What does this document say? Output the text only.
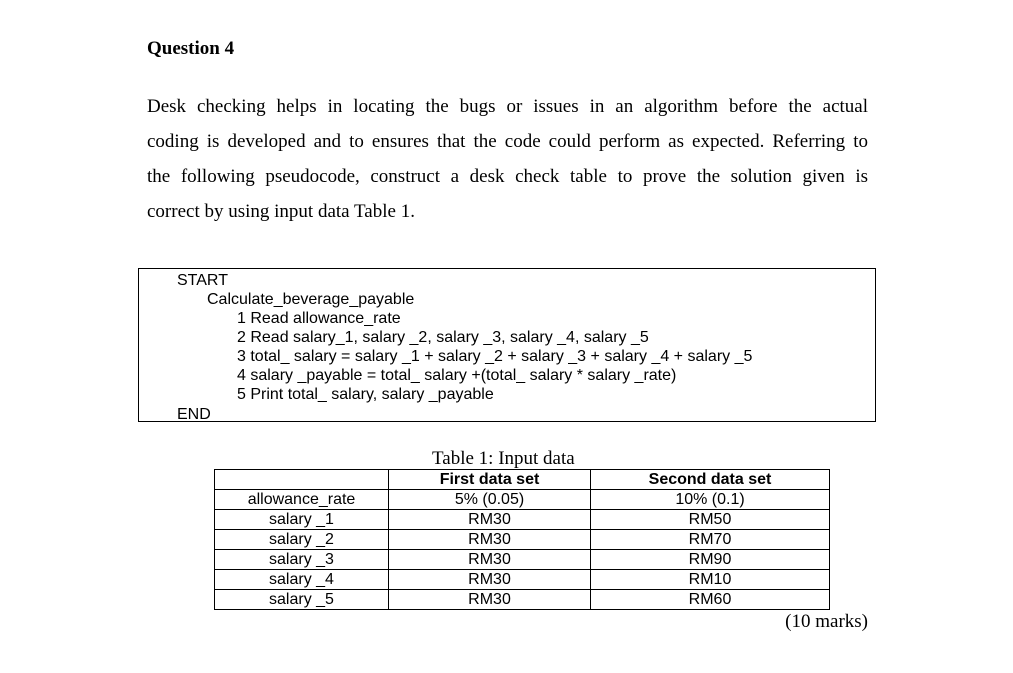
Question 4
Desk checking helps in locating the bugs or issues in an algorithm before the actual
coding is developed and to ensures that the code could perform as expected. Referring to
the following pseudocode, construct a desk check table to prove the solution given is
correct by using input data Table 1.
START
Calculate_beverage_payable
1 Read allowance_rate
2 Read salary_1, salary _2, salary _3, salary _4, salary _5
3 total_ salary = salary _1 + salary _2 + salary _3 + salary _4 + salary _5
4 salary _payable = total_ salary +(total_ salary * salary _rate)
5 Print total_ salary, salary _payable
END
Table 1: Input data
	First data set	Second data set
allowance_rate	5% (0.05)	10% (0.1)
salary _1	RM30	RM50
salary _2	RM30	RM70
salary _3	RM30	RM90
salary _4	RM30	RM10
salary _5	RM30	RM60
(10 marks)
